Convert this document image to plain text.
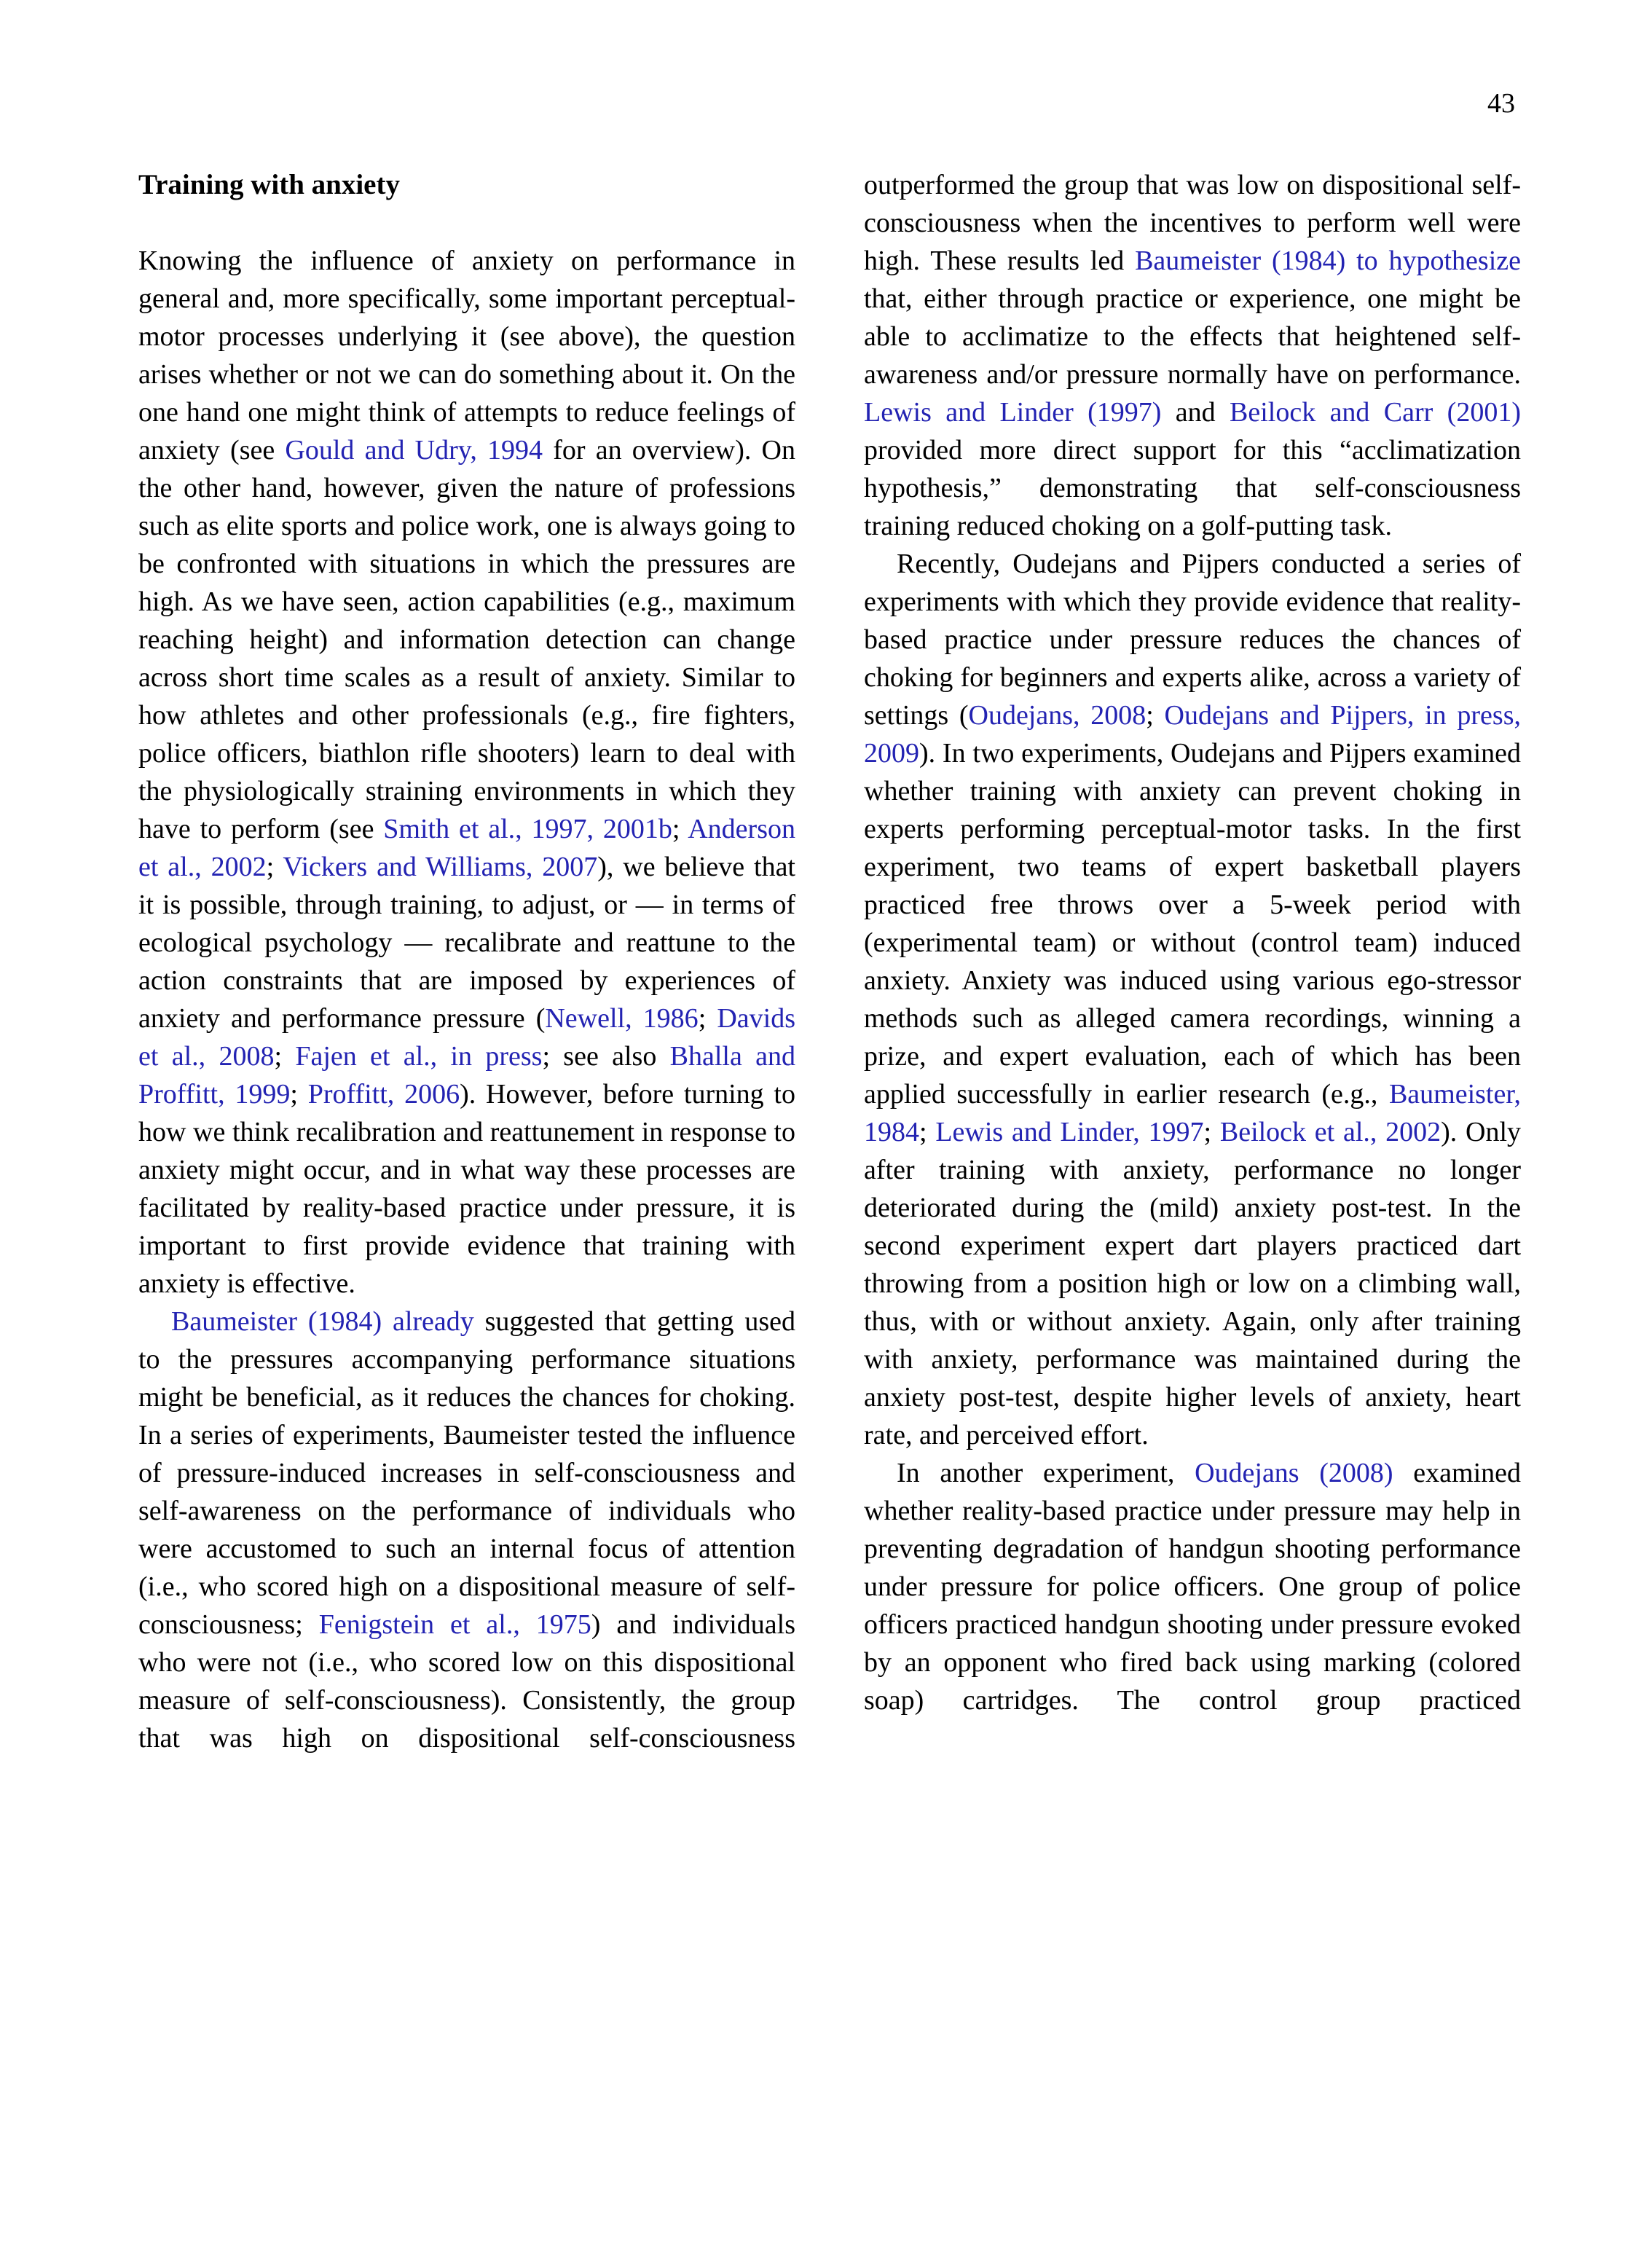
43
Training with anxiety

Knowing the influence of anxiety on performance in general and, more specifically, some important perceptual-motor processes underlying it (see above), the question arises whether or not we can do something about it. On the one hand one might think of attempts to reduce feelings of anxiety (see Gould and Udry, 1994 for an overview). On the other hand, however, given the nature of professions such as elite sports and police work, one is always going to be confronted with situations in which the pressures are high. As we have seen, action capabilities (e.g., maximum reaching height) and information detection can change across short time scales as a result of anxiety. Similar to how athletes and other professionals (e.g., fire fighters, police officers, biathlon rifle shooters) learn to deal with the physiologically straining environments in which they have to perform (see Smith et al., 1997, 2001b; Anderson et al., 2002; Vickers and Williams, 2007), we believe that it is possible, through training, to adjust, or — in terms of ecological psychology — recalibrate and reattune to the action constraints that are imposed by experiences of anxiety and performance pressure (Newell, 1986; Davids et al., 2008; Fajen et al., in press; see also Bhalla and Proffitt, 1999; Proffitt, 2006). However, before turning to how we think recalibration and reattunement in response to anxiety might occur, and in what way these processes are facilitated by reality-based practice under pressure, it is important to first provide evidence that training with anxiety is effective.

Baumeister (1984) already suggested that getting used to the pressures accompanying performance situations might be beneficial, as it reduces the chances for choking. In a series of experiments, Baumeister tested the influence of pressure-induced increases in self-consciousness and self-awareness on the performance of individuals who were accustomed to such an internal focus of attention (i.e., who scored high on a dispositional measure of self-consciousness; Fenigstein et al., 1975) and individuals who were not (i.e., who scored low on this dispositional measure of self-consciousness). Consistently, the group that was high on dispositional self-consciousness

outperformed the group that was low on dispositional self-consciousness when the incentives to perform well were high. These results led Baumeister (1984) to hypothesize that, either through practice or experience, one might be able to acclimatize to the effects that heightened self-awareness and/or pressure normally have on performance. Lewis and Linder (1997) and Beilock and Carr (2001) provided more direct support for this “acclimatization hypothesis,” demonstrating that self-consciousness training reduced choking on a golf-putting task.

Recently, Oudejans and Pijpers conducted a series of experiments with which they provide evidence that reality-based practice under pressure reduces the chances of choking for beginners and experts alike, across a variety of settings (Oudejans, 2008; Oudejans and Pijpers, in press, 2009). In two experiments, Oudejans and Pijpers examined whether training with anxiety can prevent choking in experts performing perceptual-motor tasks. In the first experiment, two teams of expert basketball players practiced free throws over a 5-week period with (experimental team) or without (control team) induced anxiety. Anxiety was induced using various ego-stressor methods such as alleged camera recordings, winning a prize, and expert evaluation, each of which has been applied successfully in earlier research (e.g., Baumeister, 1984; Lewis and Linder, 1997; Beilock et al., 2002). Only after training with anxiety, performance no longer deteriorated during the (mild) anxiety post-test. In the second experiment expert dart players practiced dart throwing from a position high or low on a climbing wall, thus, with or without anxiety. Again, only after training with anxiety, performance was maintained during the anxiety post-test, despite higher levels of anxiety, heart rate, and perceived effort.

In another experiment, Oudejans (2008) examined whether reality-based practice under pressure may help in preventing degradation of handgun shooting performance under pressure for police officers. One group of police officers practiced handgun shooting under pressure evoked by an opponent who fired back using marking (colored soap) cartridges. The control group practiced
